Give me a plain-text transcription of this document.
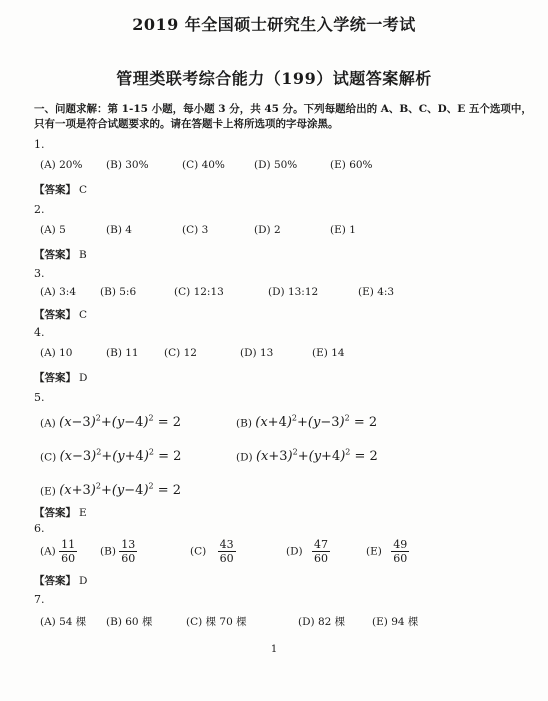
2019 年全国硕士研究生入学统一考试
管理类联考综合能力（199）试题答案解析
一、问题求解：第 1-15 小题，每小题 3 分，共 45 分。下列每题给出的 A、B、C、D、E 五个选项中，
只有一项是符合试题要求的。请在答题卡上将所选项的字母涂黑。
1.
(A) 20% (B) 30%	(C) 40%	(D) 50%	(E) 60%
【答案】 C
2.
(A) 5	(B) 4	(C) 3	(D) 2	(E) 1
【答案】 B
3.
(A) 3:4 (B) 5:6	(C) 12:13	(D) 13:12	(E) 4:3
【答案】 C
4.
(A) 10	(B) 11 (C) 12	(D) 13	(E) 14
【答案】 D
5.
(A) $(x-3)^2+(y-4)^2 = 2$	(B) $(x+4)^2+(y-3)^2 = 2$
(C) $(x-3)^2+(y+4)^2 = 2$	(D) $(x+3)^2+(y+4)^2 = 2$
(E) $(x+3)^2+(y-4)^2 = 2$
【答案】 E
6.
$(A) \frac{11}{60} (B) \frac{13}{60}$	$(C) \frac{43}{60}$	$(D) \frac{47}{60}$	$(E) \frac{49}{60}$
【答案】 D
7.
(A) 54 棵 (B) 60 棵	(C) 棵 70 棵	(D) 82 棵	(E) 94 棵
1
